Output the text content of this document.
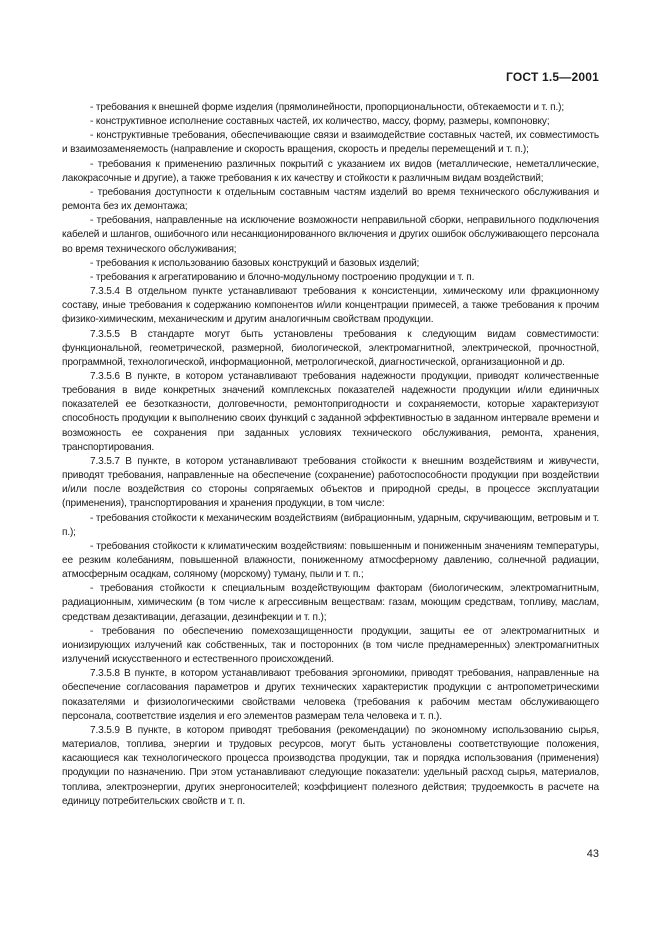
ГОСТ 1.5—2001

- требования к внешней форме изделия (прямолинейности, пропорциональности, обтекаемости и т. п.);

- конструктивное исполнение составных частей, их количество, массу, форму, размеры, компоновку;

- конструктивные требования, обеспечивающие связи и взаимодействие составных частей, их совместимость и взаимозаменяемость (направление и скорость вращения, скорость и пределы перемещений и т. п.);

- требования к применению различных покрытий с указанием их видов (металлические, неметаллические, лакокрасочные и другие), а также требования к их качеству и стойкости к различным видам воздействий;

- требования доступности к отдельным составным частям изделий во время технического обслуживания и ремонта без их демонтажа;

- требования, направленные на исключение возможности неправильной сборки, неправильного подключения кабелей и шлангов, ошибочного или несанкционированного включения и других ошибок обслуживающего персонала во время технического обслуживания;

- требования к использованию базовых конструкций и базовых изделий;

- требования к агрегатированию и блочно-модульному построению продукции и т. п.

7.3.5.4 В отдельном пункте устанавливают требования к консистенции, химическому или фракционному составу, иные требования к содержанию компонентов и/или концентрации примесей, а также требования к прочим физико-химическим, механическим и другим аналогичным свойствам продукции.

7.3.5.5 В стандарте могут быть установлены требования к следующим видам совместимости: функциональной, геометрической, размерной, биологической, электромагнитной, электрической, прочностной, программной, технологической, информационной, метрологической, диагностической, организационной и др.

7.3.5.6 В пункте, в котором устанавливают требования надежности продукции, приводят количественные требования в виде конкретных значений комплексных показателей надежности продукции и/или единичных показателей ее безотказности, долговечности, ремонтопригодности и сохраняемости, которые характеризуют способность продукции к выполнению своих функций с заданной эффективностью в заданном интервале времени и возможность ее сохранения при заданных условиях технического обслуживания, ремонта, хранения, транспортирования.

7.3.5.7 В пункте, в котором устанавливают требования стойкости к внешним воздействиям и живучести, приводят требования, направленные на обеспечение (сохранение) работоспособности продукции при воздействии и/или после воздействия со стороны сопрягаемых объектов и природной среды, в процессе эксплуатации (применения), транспортирования и хранения продукции, в том числе:

- требования стойкости к механическим воздействиям (вибрационным, ударным, скручивающим, ветровым и т. п.);

- требования стойкости к климатическим воздействиям: повышенным и пониженным значениям температуры, ее резким колебаниям, повышенной влажности, пониженному атмосферному давлению, солнечной радиации, атмосферным осадкам, соляному (морскому) туману, пыли и т. п.;

- требования стойкости к специальным воздействующим факторам (биологическим, электромагнитным, радиационным, химическим (в том числе к агрессивным веществам: газам, моющим средствам, топливу, маслам, средствам дезактивации, дегазации, дезинфекции и т. п.);

- требования по обеспечению помехозащищенности продукции, защиты ее от электромагнитных и ионизирующих излучений как собственных, так и посторонних (в том числе преднамеренных) электромагнитных излучений искусственного и естественного происхождений.

7.3.5.8 В пункте, в котором устанавливают требования эргономики, приводят требования, направленные на обеспечение согласования параметров и других технических характеристик продукции с антропометрическими показателями и физиологическими свойствами человека (требования к рабочим местам обслуживающего персонала, соответствие изделия и его элементов размерам тела человека и т. п.).

7.3.5.9 В пункте, в котором приводят требования (рекомендации) по экономному использованию сырья, материалов, топлива, энергии и трудовых ресурсов, могут быть установлены соответствующие положения, касающиеся как технологического процесса производства продукции, так и порядка использования (применения) продукции по назначению. При этом устанавливают следующие показатели: удельный расход сырья, материалов, топлива, электроэнергии, других энергоносителей; коэффициент полезного действия; трудоемкость в расчете на единицу потребительских свойств и т. п.

43
